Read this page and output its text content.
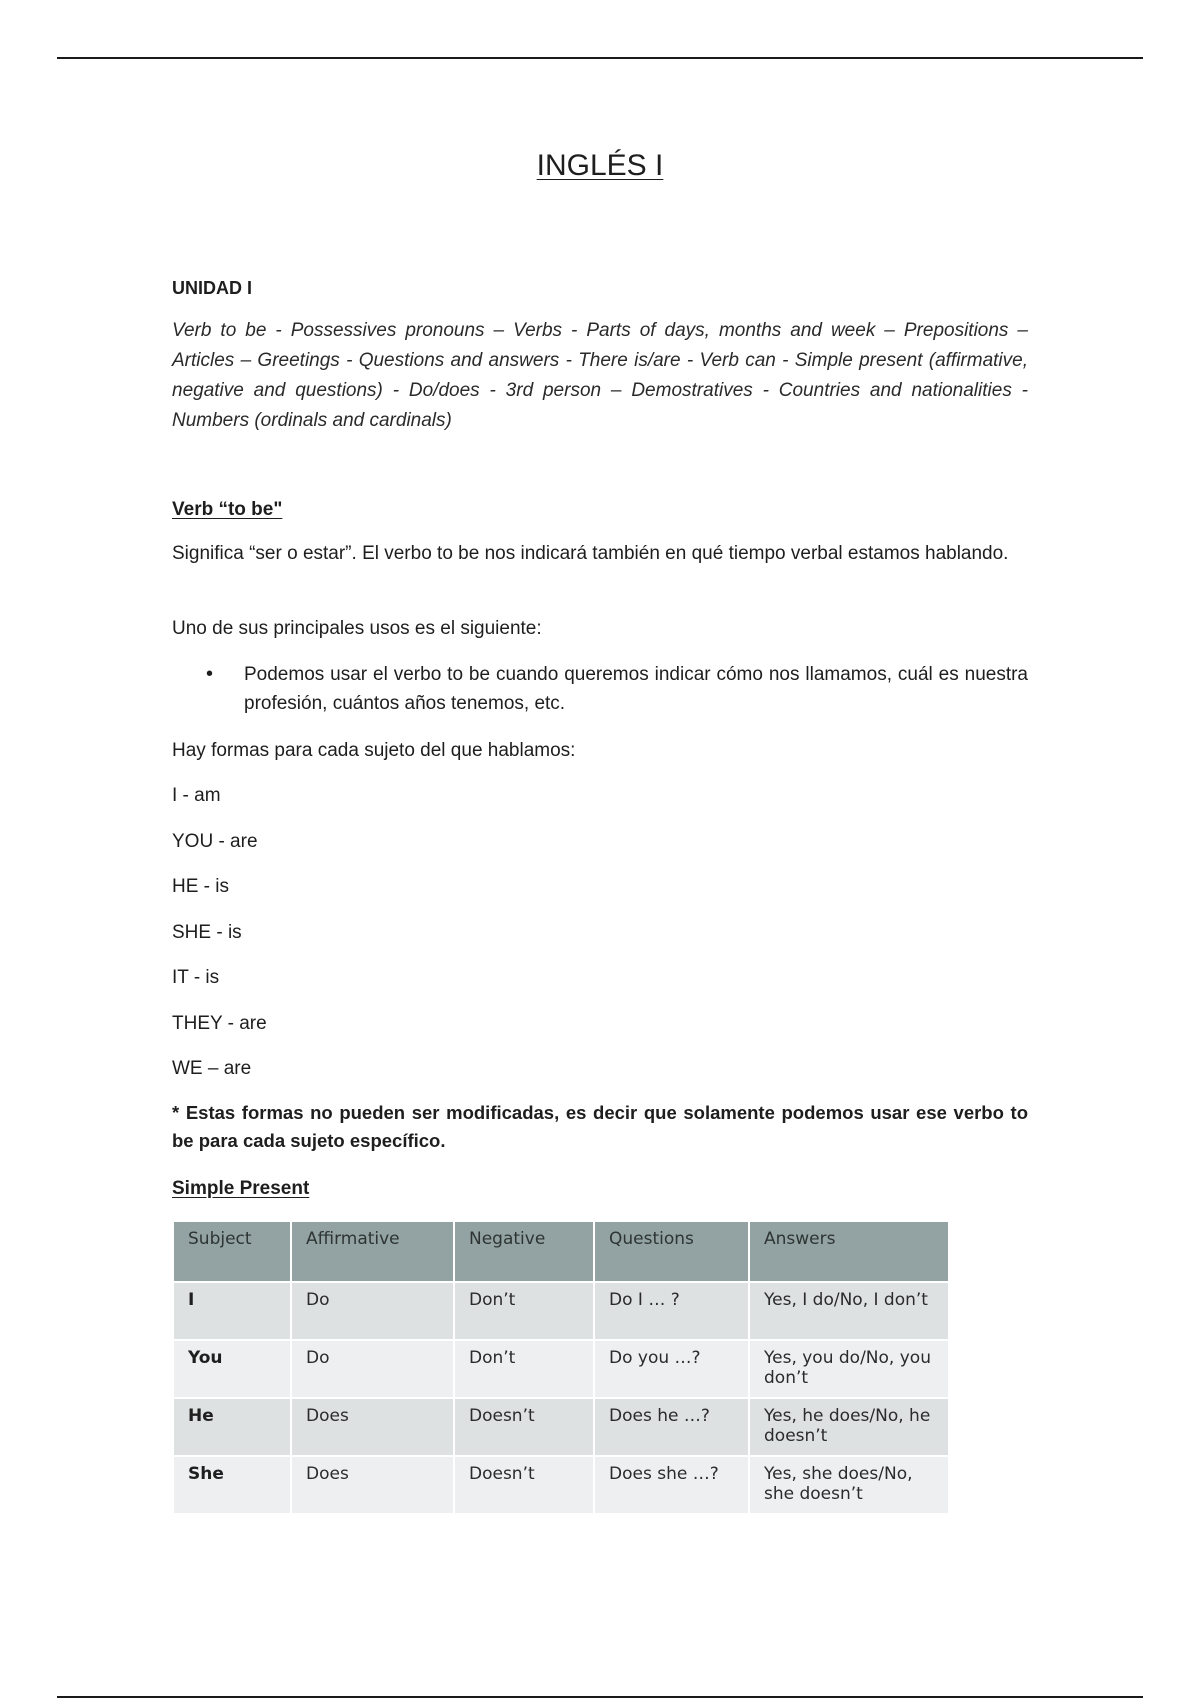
INGLÉS I
UNIDAD I
Verb to be - Possessives pronouns – Verbs - Parts of days, months and week – Prepositions – Articles – Greetings - Questions and answers - There is/are - Verb can - Simple present (affirmative, negative and questions) - Do/does - 3rd person – Demostratives - Countries and nationalities - Numbers (ordinals and cardinals)
Verb “to be"
Significa “ser o estar”. El verbo to be nos indicará también en qué tiempo verbal estamos hablando.
Uno de sus principales usos es el siguiente:
• Podemos usar el verbo to be cuando queremos indicar cómo nos llamamos, cuál es nuestra profesión, cuántos años tenemos, etc.
Hay formas para cada sujeto del que hablamos:
I - am
YOU - are
HE - is
SHE - is
IT - is
THEY - are
WE – are
* Estas formas no pueden ser modificadas, es decir que solamente podemos usar ese verbo to be para cada sujeto específico.
Simple Present
Subject	Affirmative	Negative	Questions	Answers
I	Do	Don’t	Do I … ?	Yes, I do/No, I don’t
You	Do	Don’t	Do you …?	Yes, you do/No, you don’t
He	Does	Doesn’t	Does he …?	Yes, he does/No, he doesn’t
She	Does	Doesn’t	Does she …?	Yes, she does/No, she doesn’t
